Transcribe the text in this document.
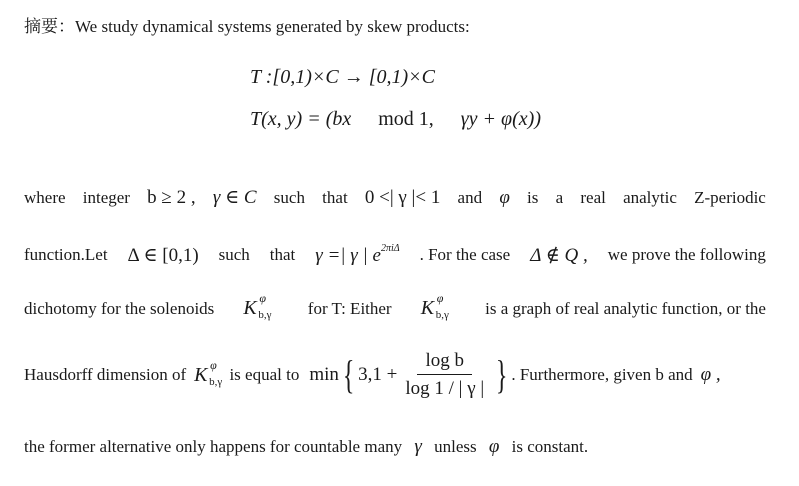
摘要：We study dynamical systems generated by skew products:
T :[0,1)×C → [0,1)×C
T(x, y) = (bx mod 1, γy + φ(x))
where integer b ≥ 2 , γ ∈ C such that 0 <| γ |< 1 and φ is a real analytic Z-periodic
function.Let Δ ∈ [0,1) such that γ =| γ | $e^{2\pi i\Delta}$ . For the case Δ ∉ Q , we prove the following
dichotomy for the solenoids K φ
b,γ for T: Either K φ
b,γ is a graph of real analytic function, or the
Hausdorff dimension of K φ
b,γ is equal to min { $3,1 + \frac{\text{log b}}{\log 1 / | \gamma |}$ } . Furthermore, given b and φ ,
the former alternative only happens for countable many γ unless φ is constant.
